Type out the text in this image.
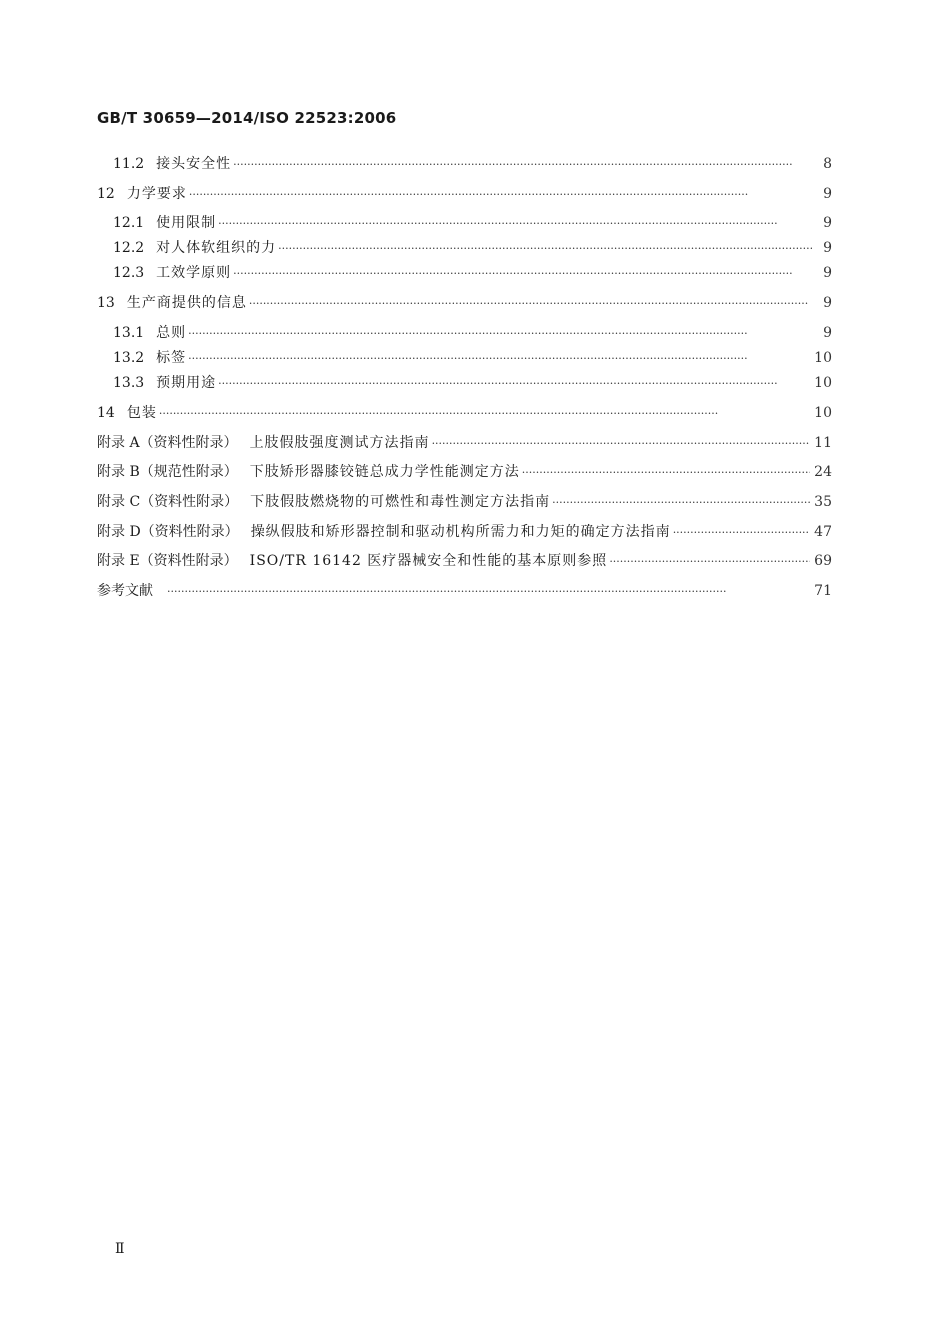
GB/T 30659—2014/ISO 22523:2006
11.2 接头安全性 ·····	8
12 力学要求 ·····	9
12.1 使用限制 ·····	9
12.2 对人体软组织的力 ·····	9
12.3 工效学原则 ·····	9
13 生产商提供的信息 ·····	9
13.1 总则 ·····	9
13.2 标签 ·····	10
13.3 预期用途 ·····	10
14 包装 ·····	10
附录 A（资料性附录） 上肢假肢强度测试方法指南 ·····	11
附录 B（规范性附录） 下肢矫形器膝铰链总成力学性能测定方法 ·····	24
附录 C（资料性附录） 下肢假肢燃烧物的可燃性和毒性测定方法指南 ·····	35
附录 D（资料性附录） 操纵假肢和矫形器控制和驱动机构所需力和力矩的确定方法指南 ·····	47
附录 E（资料性附录） ISO/TR 16142 医疗器械安全和性能的基本原则参照 ·····	69
参考文献 ·····	71
Ⅱ
